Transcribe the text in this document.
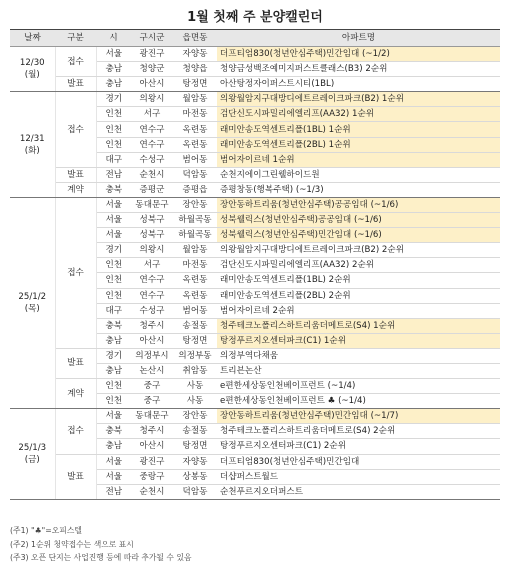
1월 첫째 주 분양캘린더
날짜	구분	시	구시군	읍면동	아파트명
12/30
(월)	접수	서울	광진구	자양동	더프티엄830(청년안심주택)민간임대 (~1/2)
		충남	청양군	청양읍	청양금성백조예미지퍼스트클래스(B3) 2순위
	발표	충남	아산시	탕정면	아산탕정자이퍼스트시티(1BL)
12/31
(화)	접수	경기	의왕시	월암동	의왕월암지구대방디에트르레이크파크(B2) 1순위
		인천	서구	마전동	검단신도시파밀리에엘리프(AA32) 1순위
		인천	연수구	옥련동	래미안송도역센트리폴(1BL) 1순위
		인천	연수구	옥련동	래미안송도역센트리폴(2BL) 1순위
		대구	수성구	범어동	범어자이르네 1순위
	발표	전남	순천시	덕암동	순천지에이그린웰하이드원
	계약	충북	증평군	증평읍	증평창동(행복주택) (~1/3)
25/1/2
(목)	접수	서울	동대문구	장안동	장안동하트리움(청년안심주택)공공임대 (~1/6)
		서울	성북구	하월곡동	성북웰릭스(청년안심주택)공공임대 (~1/6)
		서울	성북구	하월곡동	성북웰릭스(청년안심주택)민간임대 (~1/6)
		경기	의왕시	월암동	의왕월암지구대방디에트르레이크파크(B2) 2순위
		인천	서구	마전동	검단신도시파밀리에엘리프(AA32) 2순위
		인천	연수구	옥련동	래미안송도역센트리폴(1BL) 2순위
		인천	연수구	옥련동	래미안송도역센트리폴(2BL) 2순위
		대구	수성구	범어동	범어자이르네 2순위
		충북	청주시	송절동	청주테크노폴리스하트리움더메트로(S4) 1순위
		충남	아산시	탕정면	탕정푸르지오센터파크(C1) 1순위
	발표	경기	의정부시	의정부동	의정부역다채움
		충남	논산시	취암동	트리븐논산
	계약	인천	중구	사동	e편한세상동인천베이프런트 (~1/4)
		인천	중구	사동	e편한세상동인천베이프런트 ♣ (~1/4)
25/1/3
(금)	접수	서울	동대문구	장안동	장안동하트리움(청년안심주택)민간임대 (~1/7)
		충북	청주시	송절동	청주테크노폴리스하트리움더메트로(S4) 2순위
		충남	아산시	탕정면	탕정푸르지오센터파크(C1) 2순위
	발표	서울	광진구	자양동	더프티엄830(청년안심주택)민간임대
		서울	중랑구	상봉동	더샵퍼스트월드
		전남	순천시	덕암동	순천푸르지오더퍼스트
(주1) "♣"=오피스텔
(주2) 1순위 청약접수는 색으로 표시
(주3) 오픈 단지는 사업진행 등에 따라 추가될 수 있음
